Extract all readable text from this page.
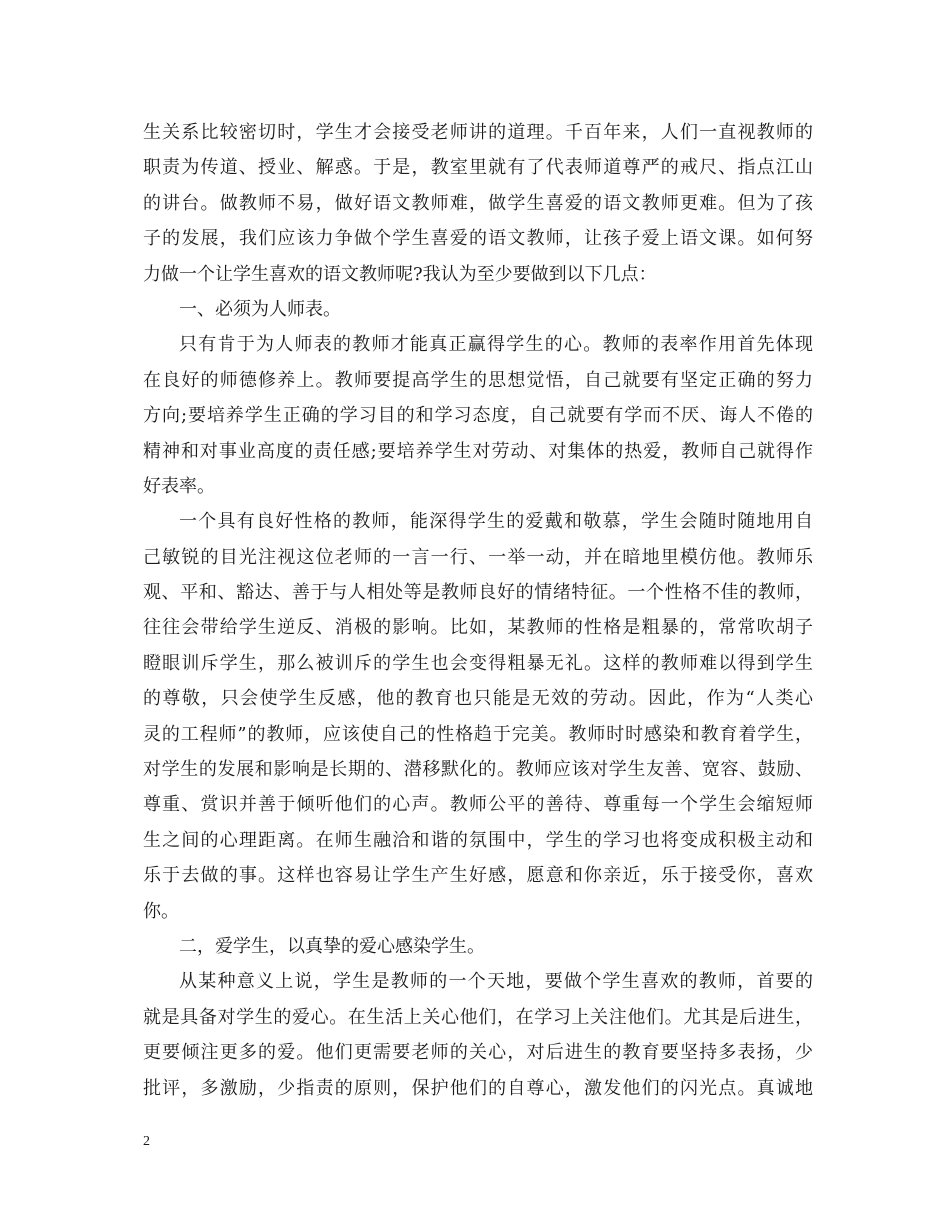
生关系比较密切时，学生才会接受老师讲的道理。千百年来，人们一直视教师的
职责为传道、授业、解惑。于是，教室里就有了代表师道尊严的戒尺、指点江山
的讲台。做教师不易，做好语文教师难，做学生喜爱的语文教师更难。但为了孩
子的发展，我们应该力争做个学生喜爱的语文教师，让孩子爱上语文课。如何努
力做一个让学生喜欢的语文教师呢?我认为至少要做到以下几点：
一、必须为人师表。
只有肯于为人师表的教师才能真正赢得学生的心。教师的表率作用首先体现
在良好的师德修养上。教师要提高学生的思想觉悟，自己就要有坚定正确的努力
方向;要培养学生正确的学习目的和学习态度，自己就要有学而不厌、诲人不倦的
精神和对事业高度的责任感;要培养学生对劳动、对集体的热爱，教师自己就得作
好表率。
一个具有良好性格的教师，能深得学生的爱戴和敬慕，学生会随时随地用自
己敏锐的目光注视这位老师的一言一行、一举一动，并在暗地里模仿他。教师乐
观、平和、豁达、善于与人相处等是教师良好的情绪特征。一个性格不佳的教师，
往往会带给学生逆反、消极的影响。比如，某教师的性格是粗暴的，常常吹胡子
瞪眼训斥学生，那么被训斥的学生也会变得粗暴无礼。这样的教师难以得到学生
的尊敬，只会使学生反感，他的教育也只能是无效的劳动。因此，作为“人类心
灵的工程师”的教师，应该使自己的性格趋于完美。教师时时感染和教育着学生，
对学生的发展和影响是长期的、潜移默化的。教师应该对学生友善、宽容、鼓励、
尊重、赏识并善于倾听他们的心声。教师公平的善待、尊重每一个学生会缩短师
生之间的心理距离。在师生融洽和谐的氛围中，学生的学习也将变成积极主动和
乐于去做的事。这样也容易让学生产生好感，愿意和你亲近，乐于接受你，喜欢
你。
二，爱学生，以真挚的爱心感染学生。
从某种意义上说，学生是教师的一个天地，要做个学生喜欢的教师，首要的
就是具备对学生的爱心。在生活上关心他们，在学习上关注他们。尤其是后进生，
更要倾注更多的爱。他们更需要老师的关心，对后进生的教育要坚持多表扬，少
批评，多激励，少指责的原则，保护他们的自尊心，激发他们的闪光点。真诚地
2
